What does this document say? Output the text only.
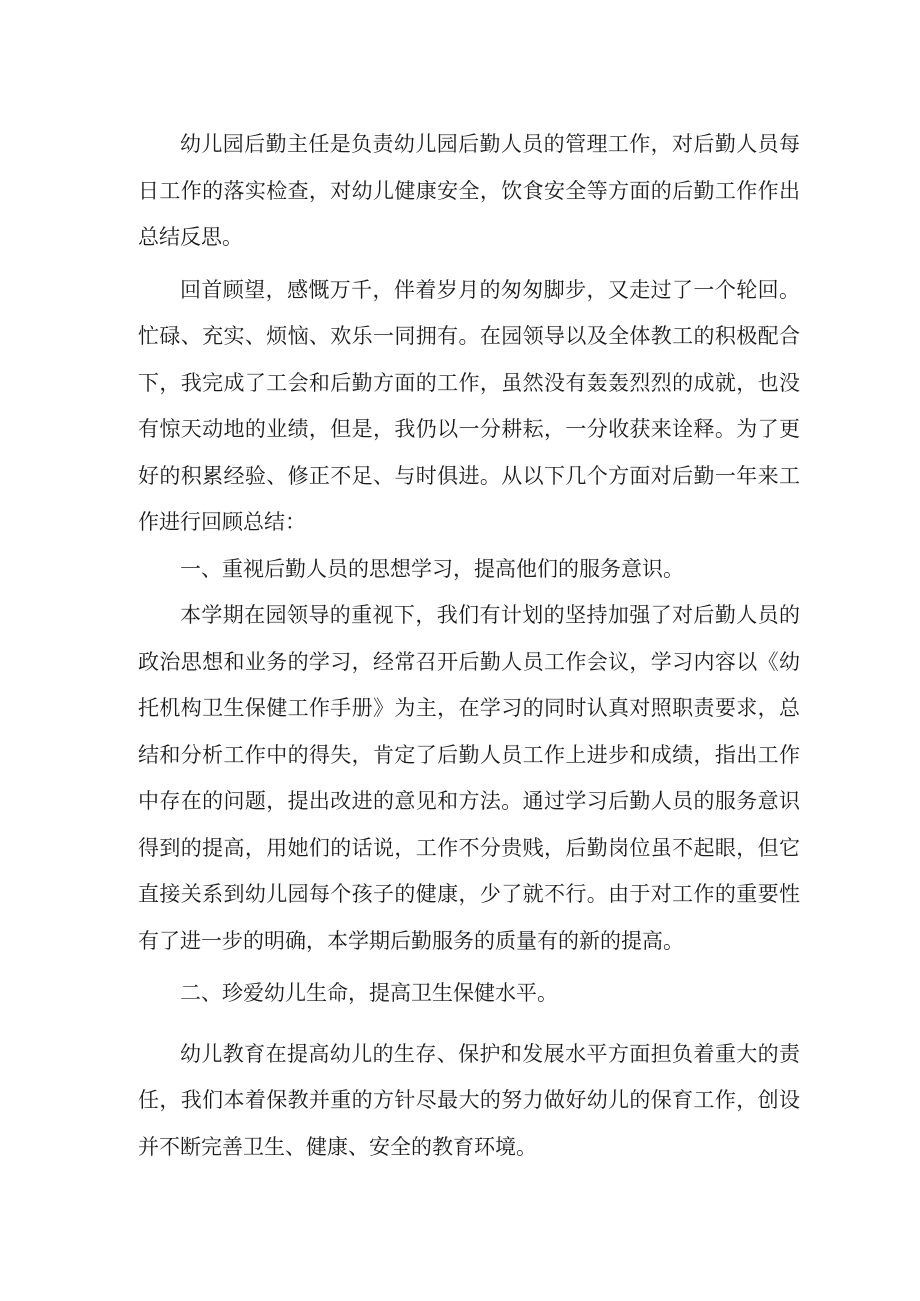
幼儿园后勤主任是负责幼儿园后勤人员的管理工作，对后勤人员每日工作的落实检查，对幼儿健康安全，饮食安全等方面的后勤工作作出总结反思。

回首顾望，感慨万千，伴着岁月的匆匆脚步，又走过了一个轮回。忙碌、充实、烦恼、欢乐一同拥有。在园领导以及全体教工的积极配合下，我完成了工会和后勤方面的工作，虽然没有轰轰烈烈的成就，也没有惊天动地的业绩，但是，我仍以一分耕耘，一分收获来诠释。为了更好的积累经验、修正不足、与时俱进。从以下几个方面对后勤一年来工作进行回顾总结：

一、重视后勤人员的思想学习，提高他们的服务意识。

本学期在园领导的重视下，我们有计划的坚持加强了对后勤人员的政治思想和业务的学习，经常召开后勤人员工作会议，学习内容以《幼托机构卫生保健工作手册》为主，在学习的同时认真对照职责要求，总结和分析工作中的得失，肯定了后勤人员工作上进步和成绩，指出工作中存在的问题，提出改进的意见和方法。通过学习后勤人员的服务意识得到的提高，用她们的话说，工作不分贵贱，后勤岗位虽不起眼，但它直接关系到幼儿园每个孩子的健康，少了就不行。由于对工作的重要性有了进一步的明确，本学期后勤服务的质量有的新的提高。

二、珍爱幼儿生命，提高卫生保健水平。

幼儿教育在提高幼儿的生存、保护和发展水平方面担负着重大的责任，我们本着保教并重的方针尽最大的努力做好幼儿的保育工作，创设并不断完善卫生、健康、安全的教育环境。
